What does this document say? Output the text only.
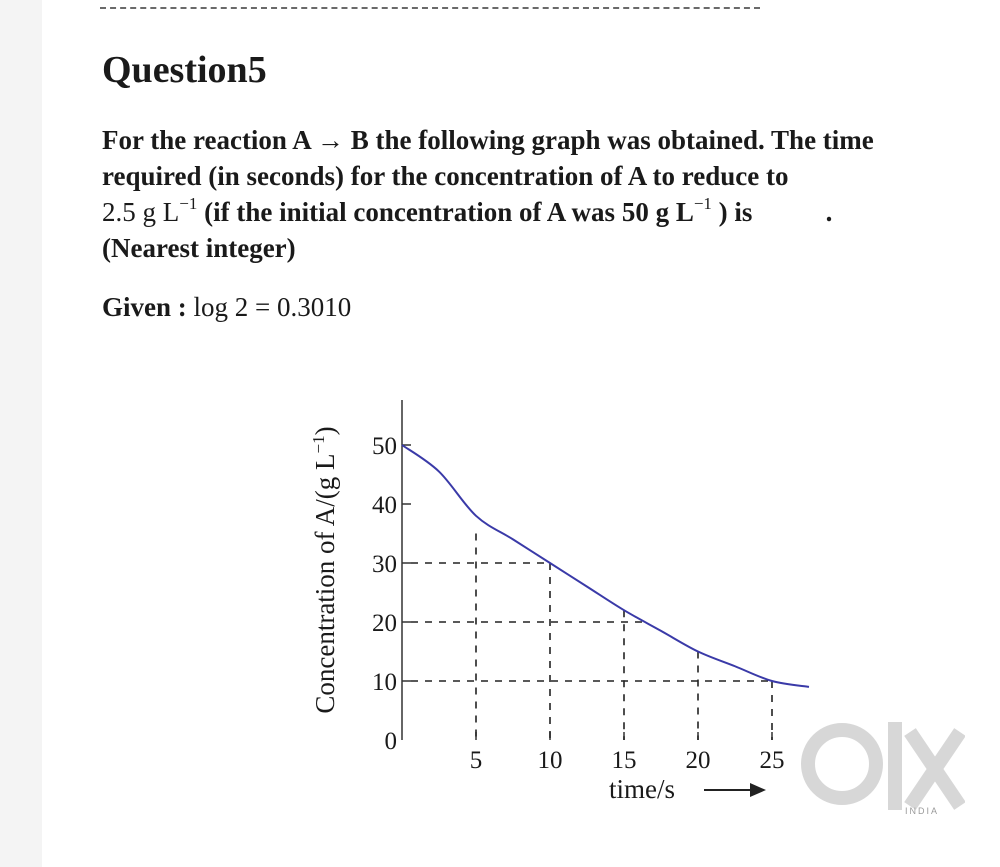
Question5
For the reaction A → B the following graph was obtained. The time
required (in seconds) for the concentration of A to reduce to
2.5 g $L^{-1}$ (if the initial concentration of A was 50 g $L^{-1}$ ) is	.
(Nearest integer)
Given : log 2 = 0.3010
Concentration of A/(g $L^{-1}$)
0
10
20
30
40
50
5 10 15 20 25
time/s
INDIA
